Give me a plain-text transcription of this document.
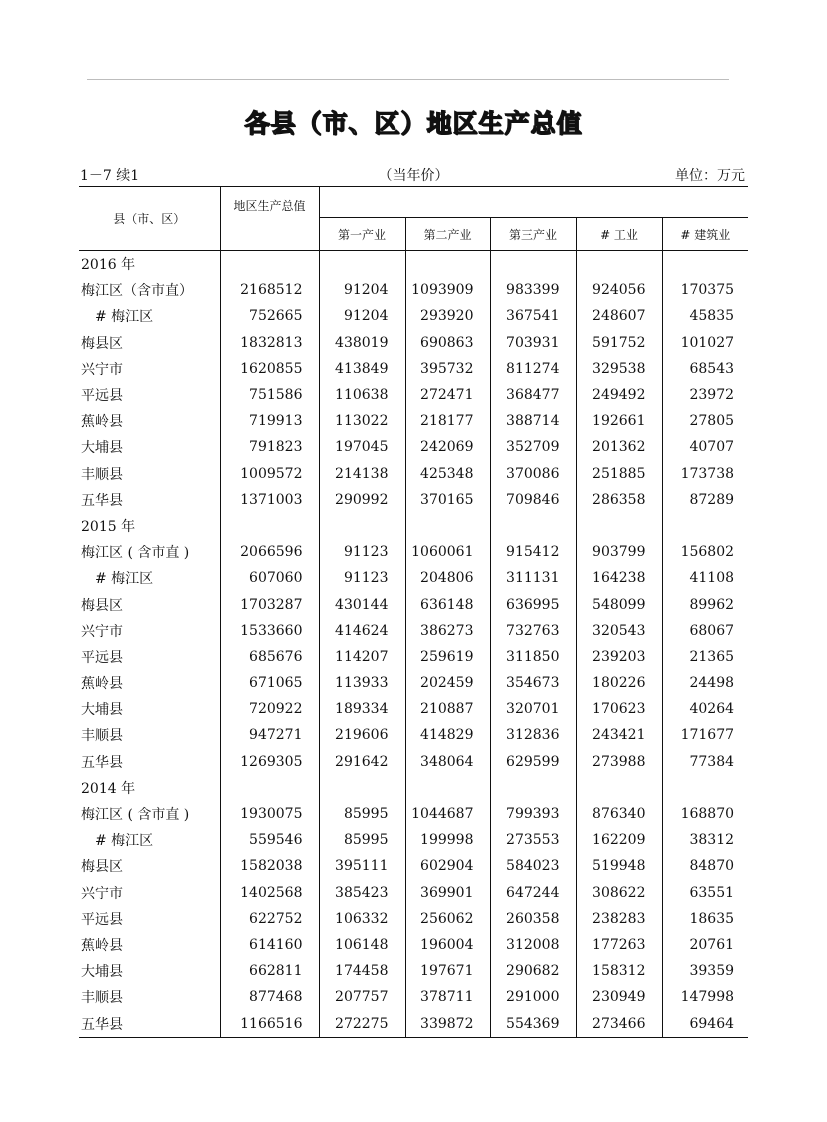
各县（市、区）地区生产总值
1－7 续1	（当年价）	单位：万元
县（市、区）	地区生产总值					
		第一产业	第二产业	第三产业	# 工业	# 建筑业
2016 年						
梅江区（含市直）	2168512	91204	1093909	983399	924056	170375
# 梅江区	752665	91204	293920	367541	248607	45835
梅县区	1832813	438019	690863	703931	591752	101027
兴宁市	1620855	413849	395732	811274	329538	68543
平远县	751586	110638	272471	368477	249492	23972
蕉岭县	719913	113022	218177	388714	192661	27805
大埔县	791823	197045	242069	352709	201362	40707
丰顺县	1009572	214138	425348	370086	251885	173738
五华县	1371003	290992	370165	709846	286358	87289
2015 年						
梅江区 ( 含市直 )	2066596	91123	1060061	915412	903799	156802
# 梅江区	607060	91123	204806	311131	164238	41108
梅县区	1703287	430144	636148	636995	548099	89962
兴宁市	1533660	414624	386273	732763	320543	68067
平远县	685676	114207	259619	311850	239203	21365
蕉岭县	671065	113933	202459	354673	180226	24498
大埔县	720922	189334	210887	320701	170623	40264
丰顺县	947271	219606	414829	312836	243421	171677
五华县	1269305	291642	348064	629599	273988	77384
2014 年						
梅江区 ( 含市直 )	1930075	85995	1044687	799393	876340	168870
# 梅江区	559546	85995	199998	273553	162209	38312
梅县区	1582038	395111	602904	584023	519948	84870
兴宁市	1402568	385423	369901	647244	308622	63551
平远县	622752	106332	256062	260358	238283	18635
蕉岭县	614160	106148	196004	312008	177263	20761
大埔县	662811	174458	197671	290682	158312	39359
丰顺县	877468	207757	378711	291000	230949	147998
五华县	1166516	272275	339872	554369	273466	69464
